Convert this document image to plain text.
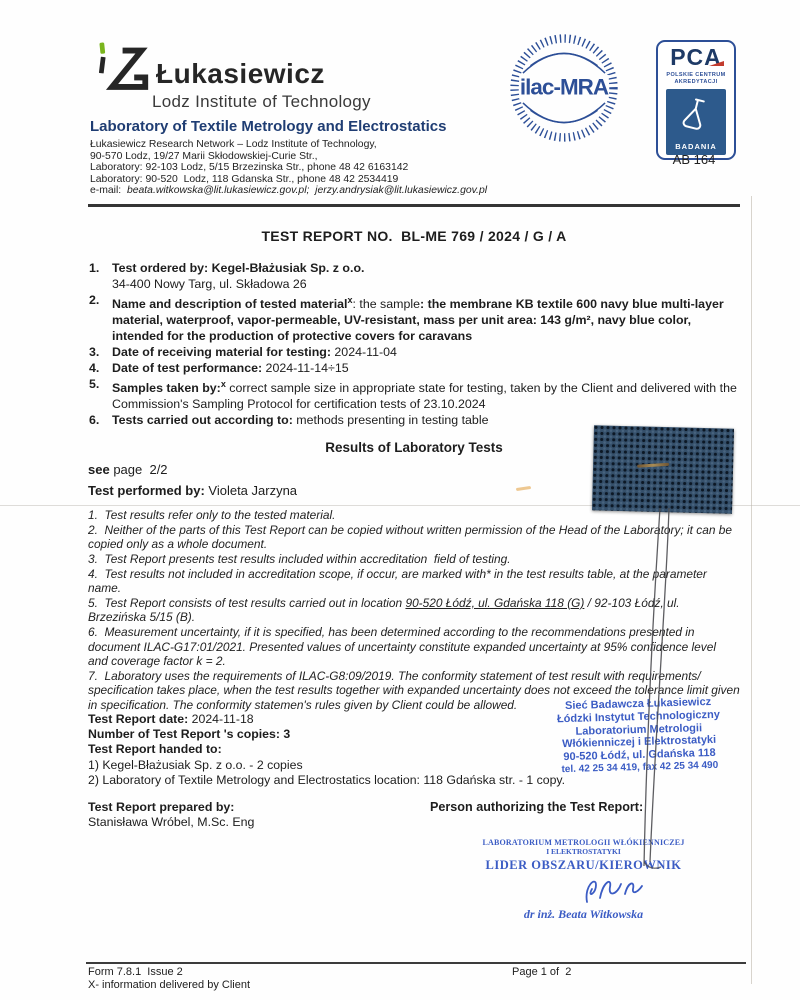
Łukasiewicz
Lodz Institute of Technology
Laboratory of Textile Metrology and Electrostatics
Łukasiewicz Research Network – Lodz Institute of Technology,
90-570 Lodz, 19/27 Marii Skłodowskiej-Curie Str.,
Laboratory: 92-103 Lodz, 5/15 Brzezinska Str., phone 48 42 6163142
Laboratory: 90-520  Lodz, 118 Gdanska Str., phone 48 42 2534419
e-mail:  beata.witkowska@lit.lukasiewicz.gov.pl;  jerzy.andrysiak@lit.lukasiewicz.gov.pl
ilac-MRA
PCA
POLSKIE CENTRUM
AKREDYTACJI
BADANIA
AB 164
TEST REPORT NO.  BL-ME 769 / 2024 / G / A

1. Test ordered by: Kegel-Błażusiak Sp. z o.o.
34-400 Nowy Targ, ul. Składowa 26

2. Name and description of tested material$^x$: the sample: the membrane KB textile 600 navy blue multi-layer material, waterproof, vapor-permeable, UV-resistant, mass per unit area: 143 g/m², navy blue color, intended for the production of protective covers for caravans

3. Date of receiving material for testing: 2024-11-04

4. Date of test performance: 2024-11-14÷15

5. Samples taken by:$^x$ correct sample size in appropriate state for testing, taken by the Client and delivered with the Commission's Sampling Protocol for certification tests of 23.10.2024

6. Tests carried out according to: methods presenting in testing table

Results of Laboratory Tests
see page  2/2
Test performed by: Violeta Jarzyna

1.  Test results refer only to the tested material.

2.  Neither of the parts of this Test Report can be copied without written permission of the Head of the Laboratory; it can be copied only as a whole document.

3.  Test Report presents test results included within accreditation  field of testing.

4.  Test results not included in accreditation scope, if occur, are marked with* in the test results table, at the parameter name.

5.  Test Report consists of test results carried out in location 90-520 Łódź, ul. Gdańska 118 (G) / 92-103 Łódź, ul. Brzezińska 5/15 (B).

6.  Measurement uncertainty, if it is specified, has been determined according to the recommendations presented in document ILAC-G17:01/2021. Presented values of uncertainty constitute expanded uncertainty at 95% confidence level  and coverage factor k = 2.

7.  Laboratory uses the requirements of ILAC-G8:09/2019. The conformity statement of test result with requirements/ specification takes place, when the test results together with expanded uncertainty does not exceed the tolerance limit given in specification. The conformity statemen's rules given by Client could be allowed.

Test Report date: 2024-11-18

Number of Test Report 's copies: 3

Test Report handed to:

1) Kegel-Błażusiak Sp. z o.o. - 2 copies

2) Laboratory of Textile Metrology and Electrostatics location: 118 Gdańska str. - 1 copy.

Sieć Badawcza Łukasiewicz
Łódzki Instytut Technologiczny
Laboratorium Metrologii
Włókienniczej i Elektrostatyki
90-520 Łódź, ul. Gdańska 118
tel. 42 25 34 419, fax 42 25 34 490
Test Report prepared by:
Stanisława Wróbel, M.Sc. Eng
Person authorizing the Test Report:
LABORATORIUM METROLOGII WŁÓKIENNICZEJ
I ELEKTROSTATYKI
LIDER OBSZARU/KIEROWNIK
dr inż. Beata Witkowska
Form 7.8.1  Issue 2
X- information delivered by Client
Page 1 of  2
